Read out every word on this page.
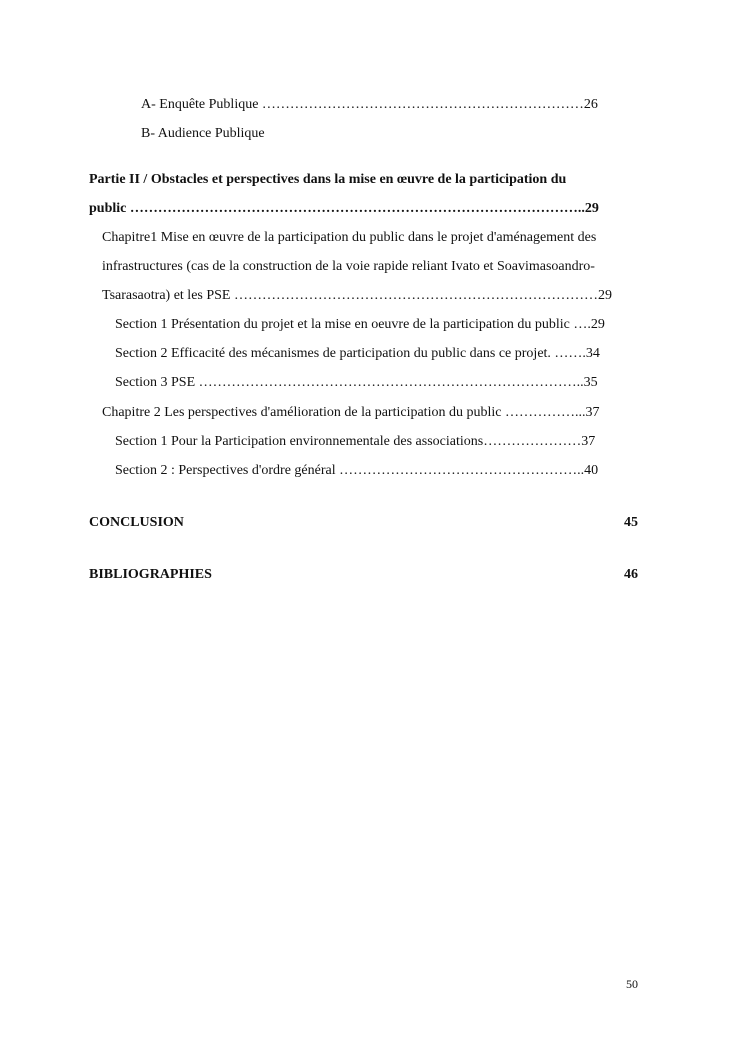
A- Enquête Publique ……………………………………………………………26
B- Audience Publique
Partie II / Obstacles et perspectives dans la mise en œuvre de la participation du
public ……………………………………………………………………………………..29
Chapitre1 Mise en œuvre de la participation du public dans le projet d'aménagement des
infrastructures (cas de la construction de la voie rapide reliant Ivato et Soavimasoandro-
Tsarasaotra) et les PSE ……………………………………………………………………29
Section 1 Présentation du projet et la mise en oeuvre de la participation du public ….29
Section 2 Efficacité des mécanismes de participation du public dans ce projet. …….34
Section 3 PSE ………………………………………………………………………..35
Chapitre 2 Les perspectives d'amélioration de la participation du public ……………...37
Section 1 Pour la Participation environnementale des associations…………………37
Section 2 : Perspectives d'ordre général ……………………………………………..40
CONCLUSION	45
BIBLIOGRAPHIES	46
50
